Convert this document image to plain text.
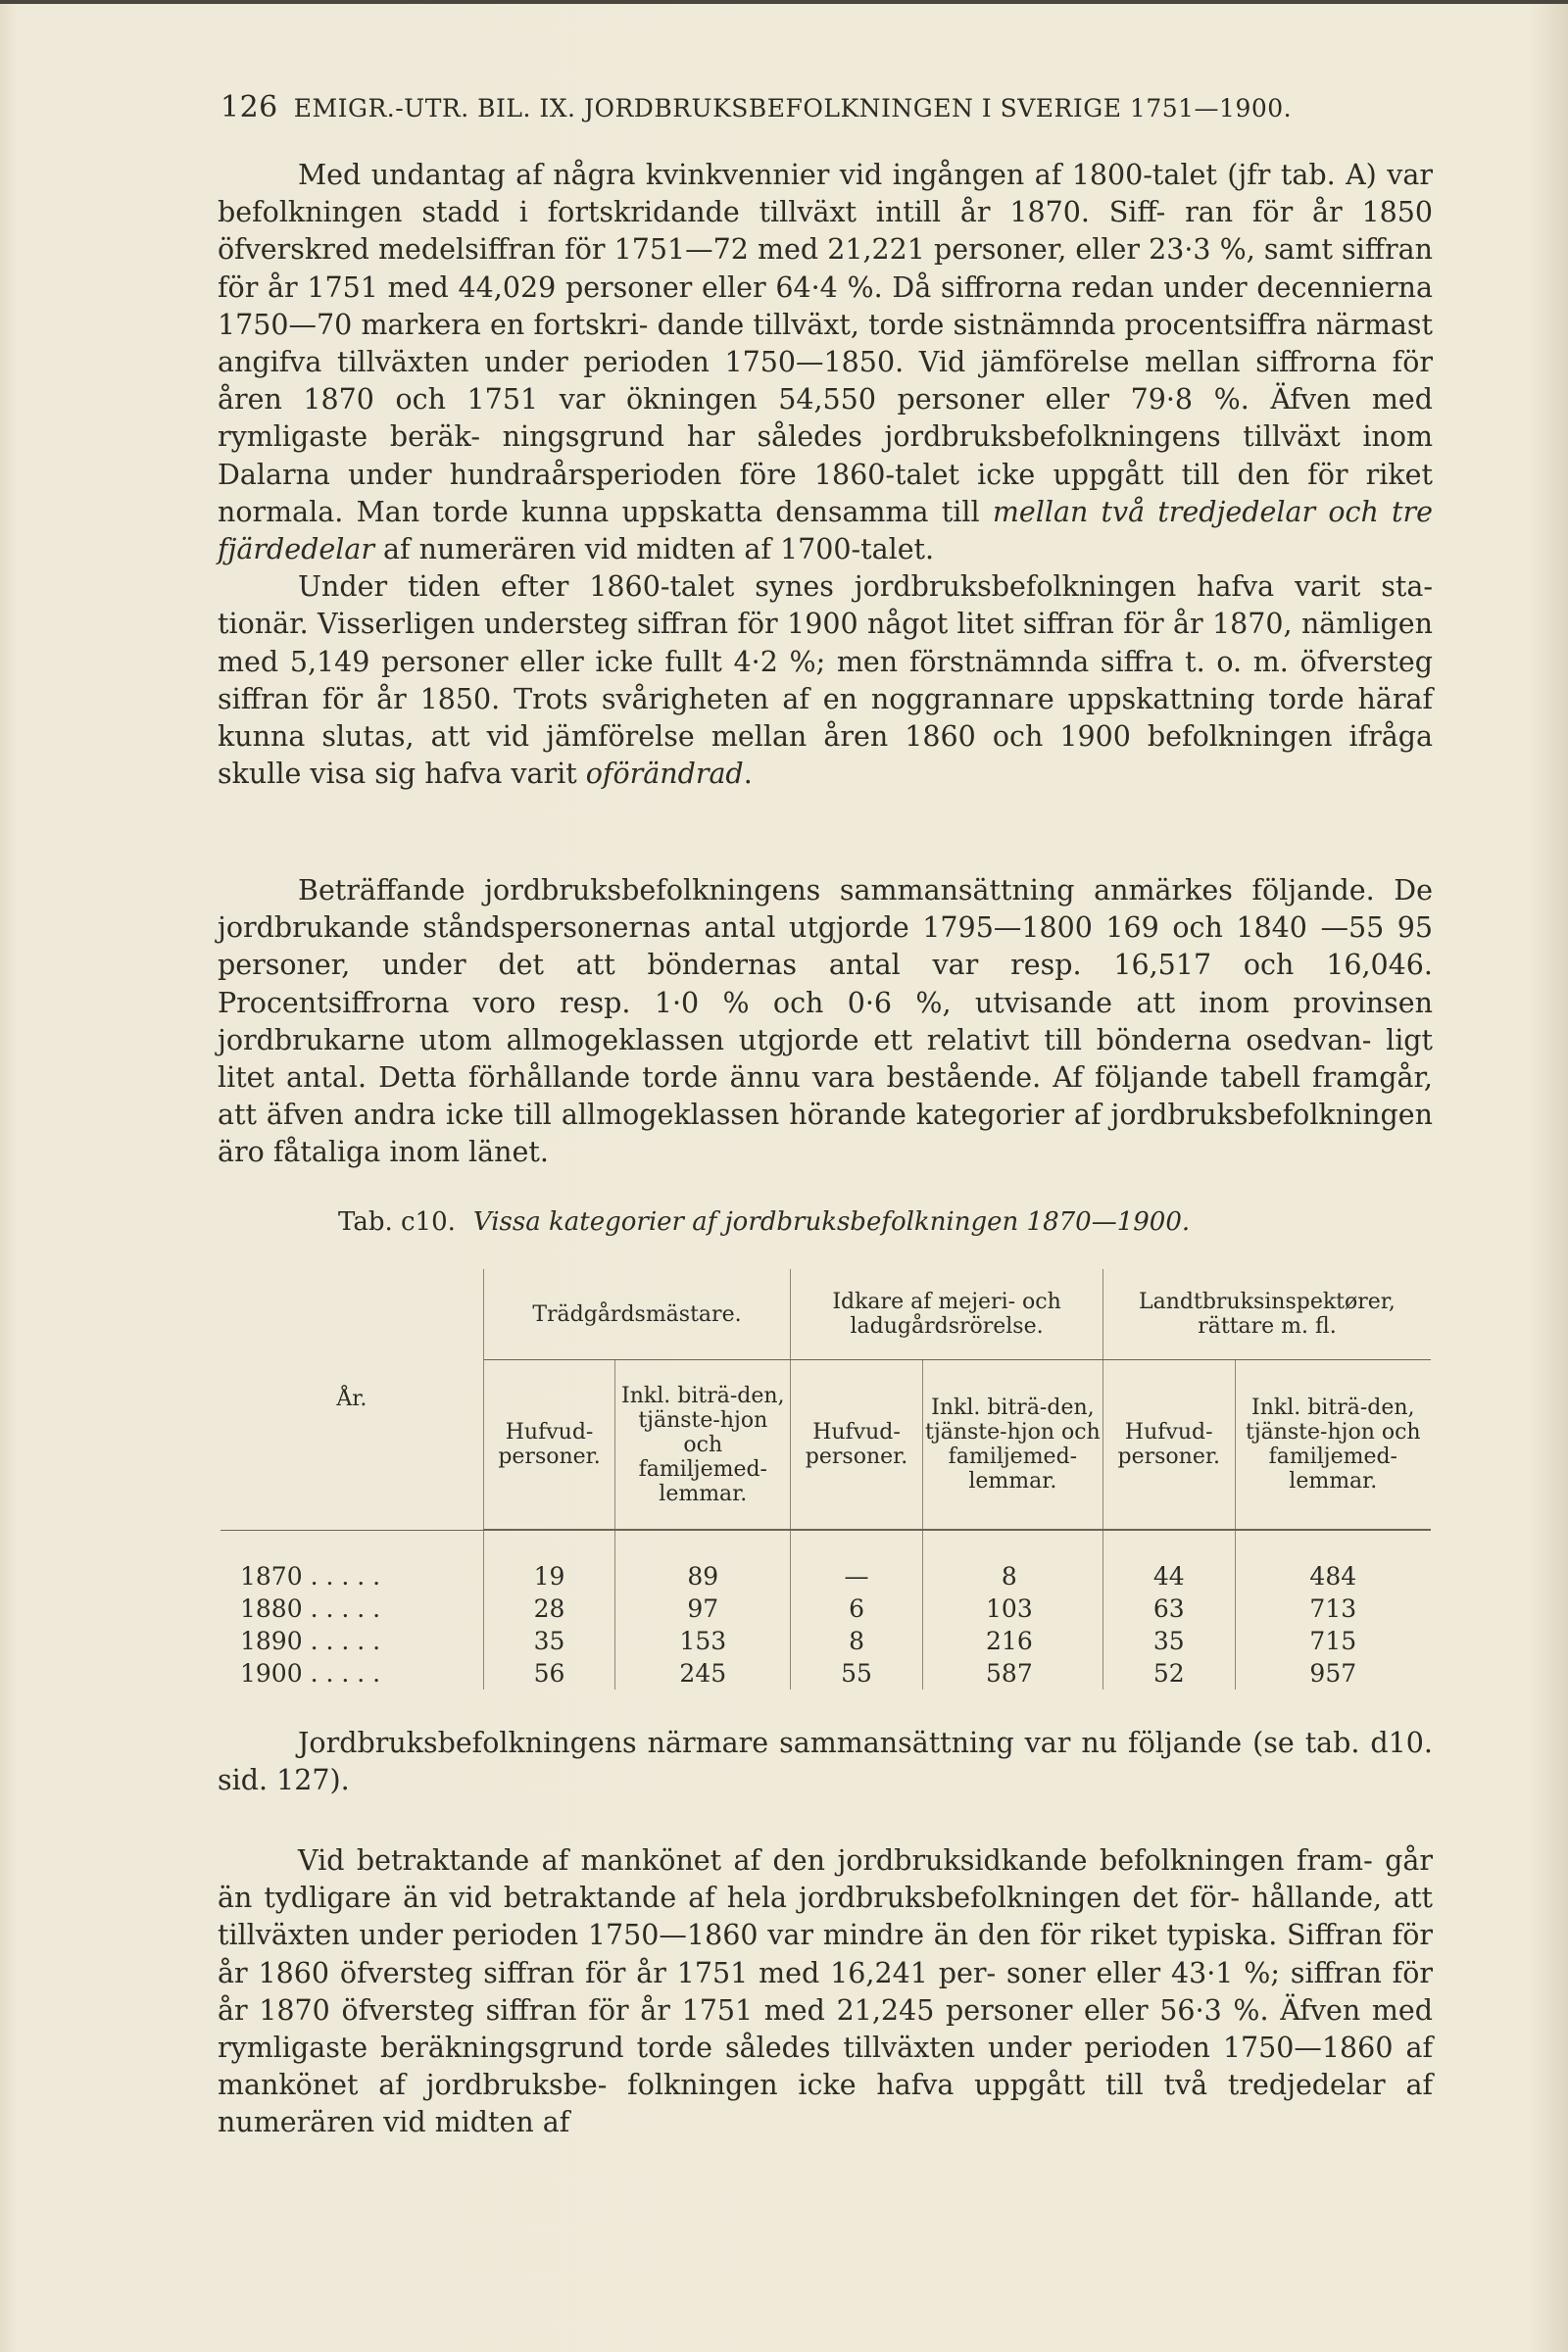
126 EMIGR.-UTR. BIL. IX. JORDBRUKSBEFOLKNINGEN I SVERIGE 1751—1900.

Med undantag af några kvinkvennier vid ingången af 1800-talet (jfr tab. A) var befolkningen stadd i fortskridande tillväxt intill år 1870. Siff- ran för år 1850 öfverskred medelsiffran för 1751—72 med 21,221 personer, eller 23·3 %, samt siffran för år 1751 med 44,029 personer eller 64·4 %. Då siffrorna redan under decennierna 1750—70 markera en fortskri- dande tillväxt, torde sistnämnda procentsiffra närmast angifva tillväxten under perioden 1750—1850. Vid jämförelse mellan siffrorna för åren 1870 och 1751 var ökningen 54,550 personer eller 79·8 %. Äfven med rymligaste beräk- ningsgrund har således jordbruksbefolkningens tillväxt inom Dalarna under hundraårsperioden före 1860-talet icke uppgått till den för riket normala. Man torde kunna uppskatta densamma till mellan två tredjedelar och tre fjärdedelar af numerären vid midten af 1700-talet.

Under tiden efter 1860-talet synes jordbruksbefolkningen hafva varit sta- tionär. Visserligen understeg siffran för 1900 något litet siffran för år 1870, nämligen med 5,149 personer eller icke fullt 4·2 %; men förstnämnda siffra t. o. m. öfversteg siffran för år 1850. Trots svårigheten af en noggrannare uppskattning torde häraf kunna slutas, att vid jämförelse mellan åren 1860 och 1900 befolkningen ifråga skulle visa sig hafva varit oförändrad.

Beträffande jordbruksbefolkningens sammansättning anmärkes följande. De jordbrukande ståndspersonernas antal utgjorde 1795—1800 169 och 1840 —55 95 personer, under det att böndernas antal var resp. 16,517 och 16,046. Procentsiffrorna voro resp. 1·0 % och 0·6 %, utvisande att inom provinsen jordbrukarne utom allmogeklassen utgjorde ett relativt till bönderna osedvan- ligt litet antal. Detta förhållande torde ännu vara bestående. Af följande tabell framgår, att äfven andra icke till allmogeklassen hörande kategorier af jordbruksbefolkningen äro fåtaliga inom länet.

Tab. c10. Vissa kategorier af jordbruksbefolkningen 1870—1900.
År.	Trädgårdsmästare.		Idkare af mejeri- och ladugårdsrörelse.		Landtbruksinspektører, rättare m. fl.	
	Hufvud-personer.	Inkl. biträ-den, tjänste-hjon och familjemed-lemmar.	Hufvud-personer.	Inkl. biträ-den, tjänste-hjon och familjemed-lemmar.	Hufvud-personer.	Inkl. biträ-den, tjänste-hjon och familjemed-lemmar.

1870 . . . . .	19	89	—	8	44	484
1880 . . . . .	28	97	6	103	63	713
1890 . . . . .	35	153	8	216	35	715
1900 . . . . .	56	245	55	587	52	957

Jordbruksbefolkningens närmare sammansättning var nu följande (se tab. d10. sid. 127).

Vid betraktande af mankönet af den jordbruksidkande befolkningen fram- går än tydligare än vid betraktande af hela jordbruksbefolkningen det för- hållande, att tillväxten under perioden 1750—1860 var mindre än den för riket typiska. Siffran för år 1860 öfversteg siffran för år 1751 med 16,241 per- soner eller 43·1 %; siffran för år 1870 öfversteg siffran för år 1751 med 21,245 personer eller 56·3 %. Äfven med rymligaste beräkningsgrund torde således tillväxten under perioden 1750—1860 af mankönet af jordbruksbe- folkningen icke hafva uppgått till två tredjedelar af numerären vid midten af
